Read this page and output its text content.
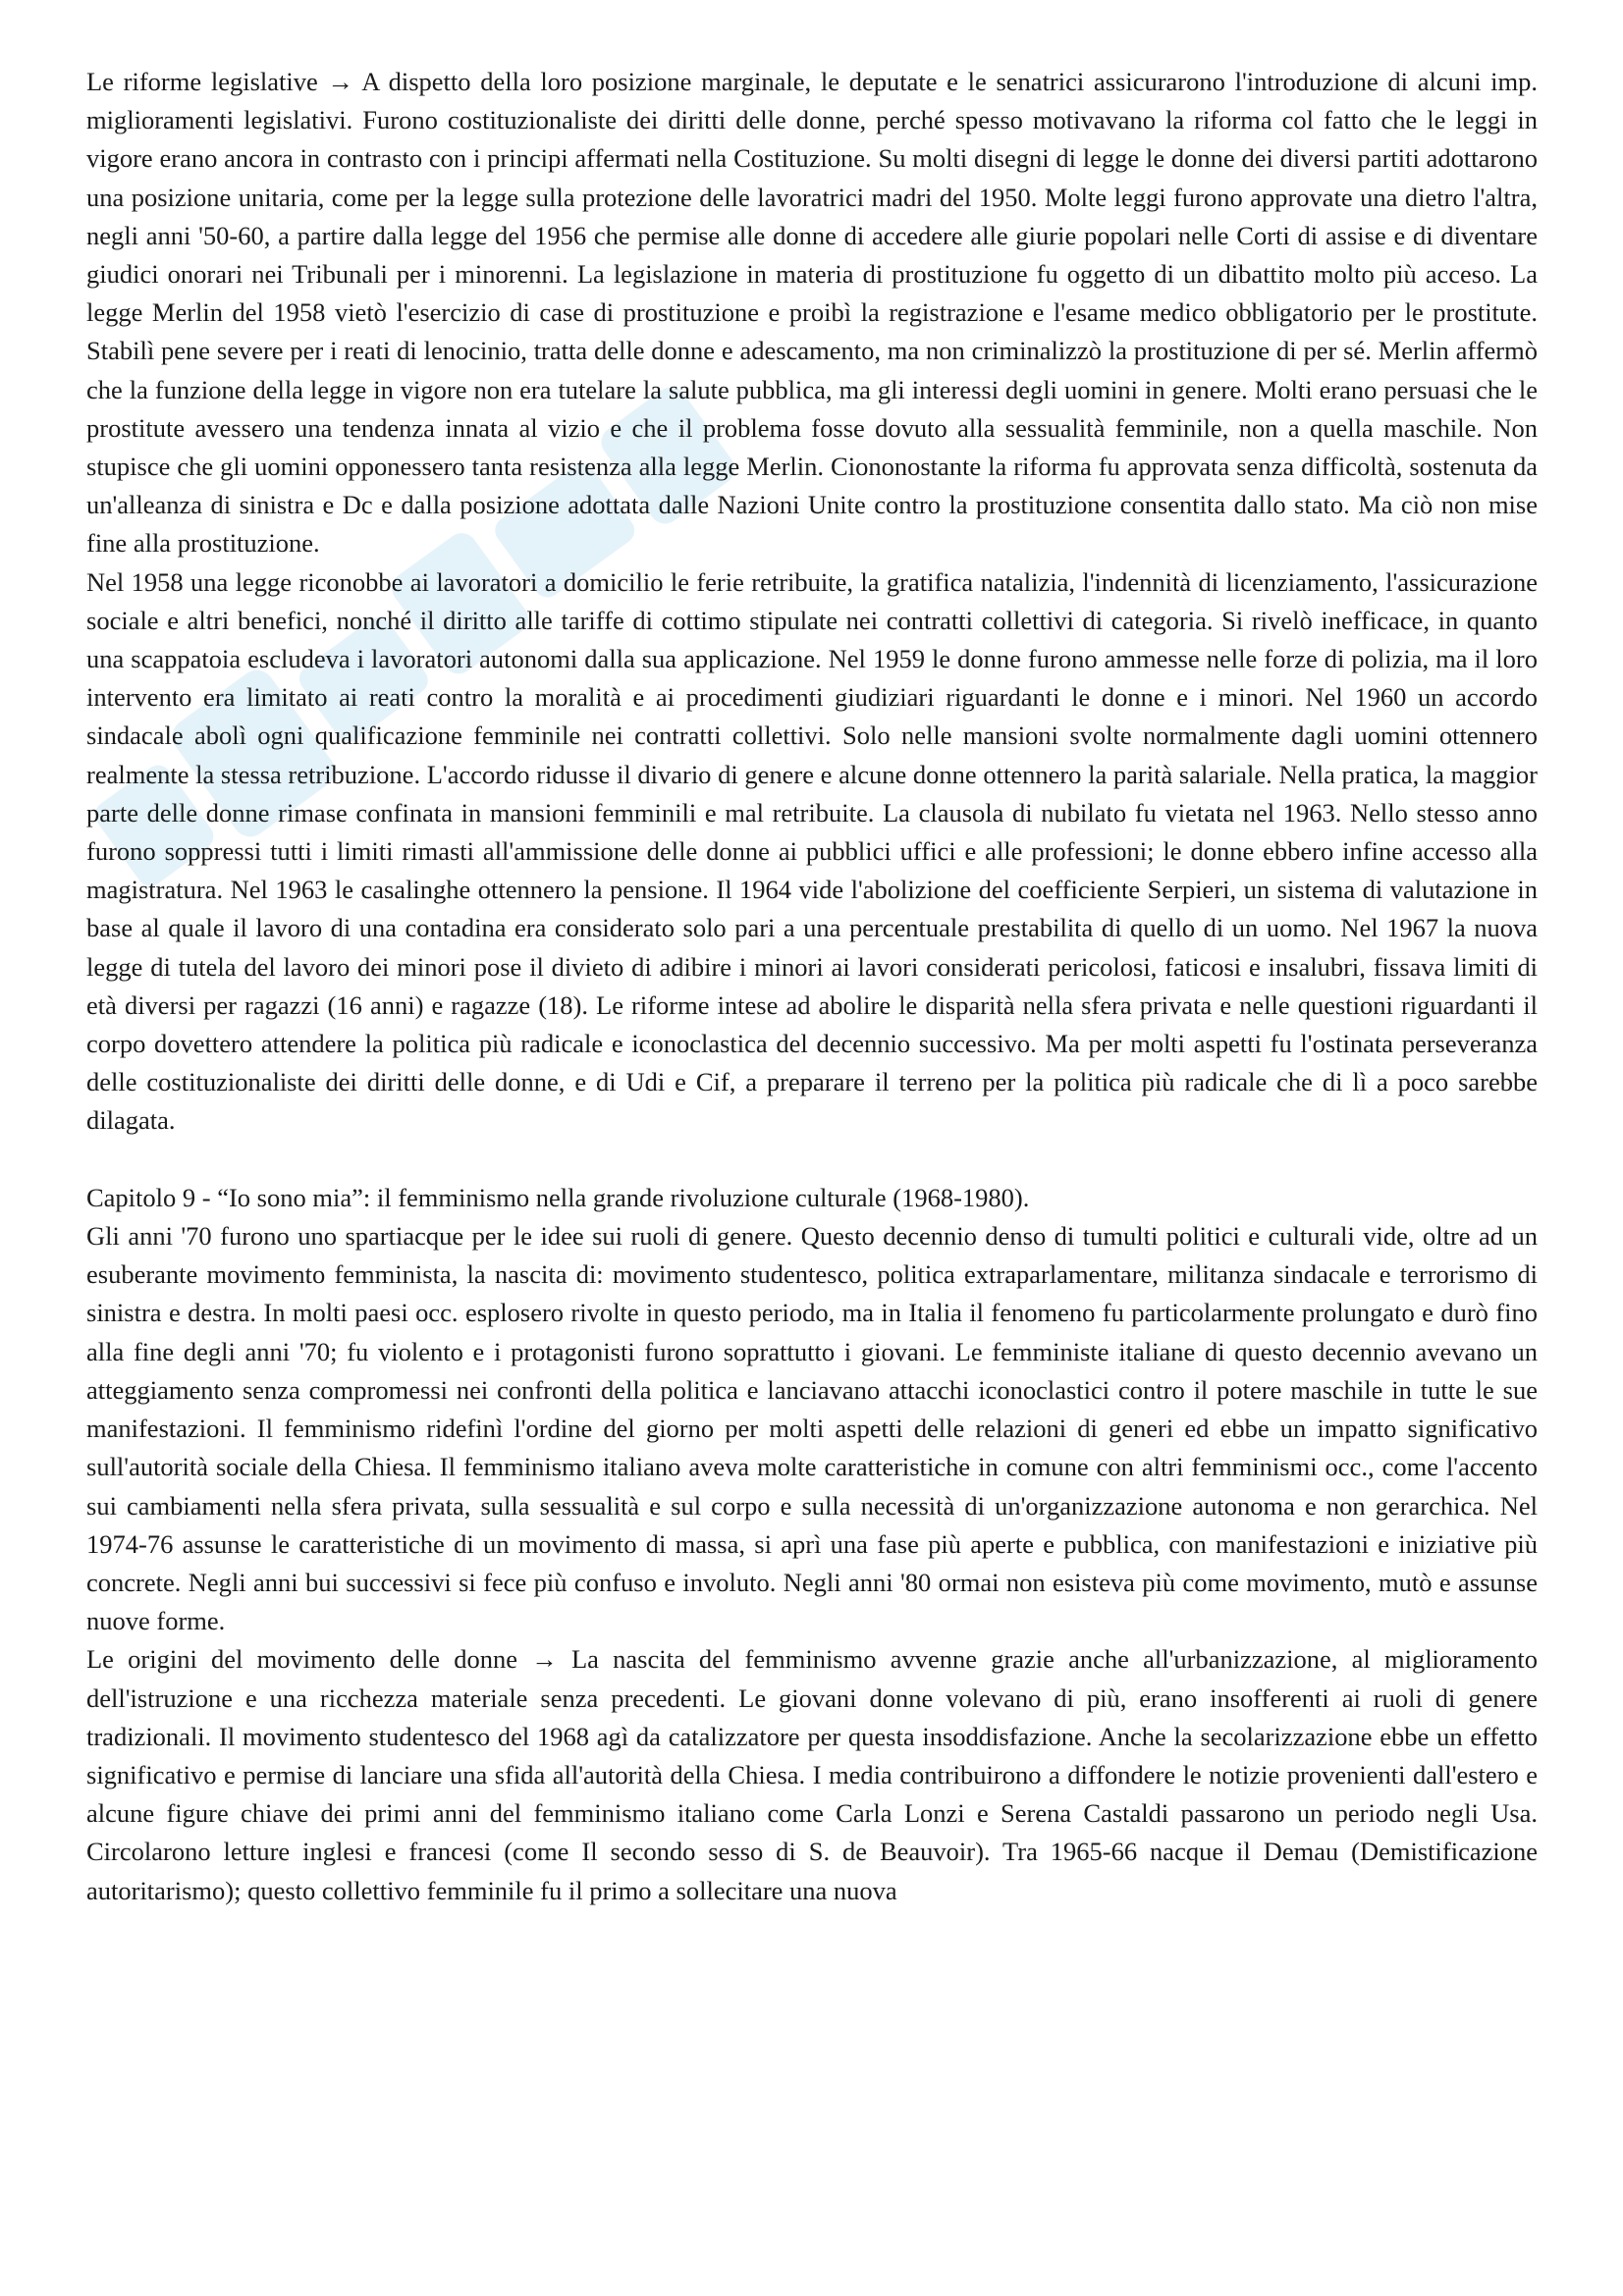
Le riforme legislative → A dispetto della loro posizione marginale, le deputate e le senatrici assicurarono l'introduzione di alcuni imp. miglioramenti legislativi. Furono costituzionaliste dei diritti delle donne, perché spesso motivavano la riforma col fatto che le leggi in vigore erano ancora in contrasto con i principi affermati nella Costituzione. Su molti disegni di legge le donne dei diversi partiti adottarono una posizione unitaria, come per la legge sulla protezione delle lavoratrici madri del 1950. Molte leggi furono approvate una dietro l'altra, negli anni '50-60, a partire dalla legge del 1956 che permise alle donne di accedere alle giurie popolari nelle Corti di assise e di diventare giudici onorari nei Tribunali per i minorenni. La legislazione in materia di prostituzione fu oggetto di un dibattito molto più acceso. La legge Merlin del 1958 vietò l'esercizio di case di prostituzione e proibì la registrazione e l'esame medico obbligatorio per le prostitute. Stabilì pene severe per i reati di lenocinio, tratta delle donne e adescamento, ma non criminalizzò la prostituzione di per sé. Merlin affermò che la funzione della legge in vigore non era tutelare la salute pubblica, ma gli interessi degli uomini in genere. Molti erano persuasi che le prostitute avessero una tendenza innata al vizio e che il problema fosse dovuto alla sessualità femminile, non a quella maschile. Non stupisce che gli uomini opponessero tanta resistenza alla legge Merlin. Ciononostante la riforma fu approvata senza difficoltà, sostenuta da un'alleanza di sinistra e Dc e dalla posizione adottata dalle Nazioni Unite contro la prostituzione consentita dallo stato. Ma ciò non mise fine alla prostituzione.

Nel 1958 una legge riconobbe ai lavoratori a domicilio le ferie retribuite, la gratifica natalizia, l'indennità di licenziamento, l'assicurazione sociale e altri benefici, nonché il diritto alle tariffe di cottimo stipulate nei contratti collettivi di categoria. Si rivelò inefficace, in quanto una scappatoia escludeva i lavoratori autonomi dalla sua applicazione. Nel 1959 le donne furono ammesse nelle forze di polizia, ma il loro intervento era limitato ai reati contro la moralità e ai procedimenti giudiziari riguardanti le donne e i minori. Nel 1960 un accordo sindacale abolì ogni qualificazione femminile nei contratti collettivi. Solo nelle mansioni svolte normalmente dagli uomini ottennero realmente la stessa retribuzione. L'accordo ridusse il divario di genere e alcune donne ottennero la parità salariale. Nella pratica, la maggior parte delle donne rimase confinata in mansioni femminili e mal retribuite. La clausola di nubilato fu vietata nel 1963. Nello stesso anno furono soppressi tutti i limiti rimasti all'ammissione delle donne ai pubblici uffici e alle professioni; le donne ebbero infine accesso alla magistratura. Nel 1963 le casalinghe ottennero la pensione. Il 1964 vide l'abolizione del coefficiente Serpieri, un sistema di valutazione in base al quale il lavoro di una contadina era considerato solo pari a una percentuale prestabilita di quello di un uomo. Nel 1967 la nuova legge di tutela del lavoro dei minori pose il divieto di adibire i minori ai lavori considerati pericolosi, faticosi e insalubri, fissava limiti di età diversi per ragazzi (16 anni) e ragazze (18). Le riforme intese ad abolire le disparità nella sfera privata e nelle questioni riguardanti il corpo dovettero attendere la politica più radicale e iconoclastica del decennio successivo. Ma per molti aspetti fu l'ostinata perseveranza delle costituzionaliste dei diritti delle donne, e di Udi e Cif, a preparare il terreno per la politica più radicale che di lì a poco sarebbe dilagata.

Capitolo 9 - “Io sono mia”: il femminismo nella grande rivoluzione culturale (1968-1980).

Gli anni '70 furono uno spartiacque per le idee sui ruoli di genere. Questo decennio denso di tumulti politici e culturali vide, oltre ad un esuberante movimento femminista, la nascita di: movimento studentesco, politica extraparlamentare, militanza sindacale e terrorismo di sinistra e destra. In molti paesi occ. esplosero rivolte in questo periodo, ma in Italia il fenomeno fu particolarmente prolungato e durò fino alla fine degli anni '70; fu violento e i protagonisti furono soprattutto i giovani. Le femministe italiane di questo decennio avevano un atteggiamento senza compromessi nei confronti della politica e lanciavano attacchi iconoclastici contro il potere maschile in tutte le sue manifestazioni. Il femminismo ridefinì l'ordine del giorno per molti aspetti delle relazioni di generi ed ebbe un impatto significativo sull'autorità sociale della Chiesa. Il femminismo italiano aveva molte caratteristiche in comune con altri femminismi occ., come l'accento sui cambiamenti nella sfera privata, sulla sessualità e sul corpo e sulla necessità di un'organizzazione autonoma e non gerarchica. Nel 1974-76 assunse le caratteristiche di un movimento di massa, si aprì una fase più aperte e pubblica, con manifestazioni e iniziative più concrete. Negli anni bui successivi si fece più confuso e involuto. Negli anni '80 ormai non esisteva più come movimento, mutò e assunse nuove forme.

Le origini del movimento delle donne → La nascita del femminismo avvenne grazie anche all'urbanizzazione, al miglioramento dell'istruzione e una ricchezza materiale senza precedenti. Le giovani donne volevano di più, erano insofferenti ai ruoli di genere tradizionali. Il movimento studentesco del 1968 agì da catalizzatore per questa insoddisfazione. Anche la secolarizzazione ebbe un effetto significativo e permise di lanciare una sfida all'autorità della Chiesa. I media contribuirono a diffondere le notizie provenienti dall'estero e alcune figure chiave dei primi anni del femminismo italiano come Carla Lonzi e Serena Castaldi passarono un periodo negli Usa. Circolarono letture inglesi e francesi (come Il secondo sesso di S. de Beauvoir). Tra 1965-66 nacque il Demau (Demistificazione autoritarismo); questo collettivo femminile fu il primo a sollecitare una nuova
